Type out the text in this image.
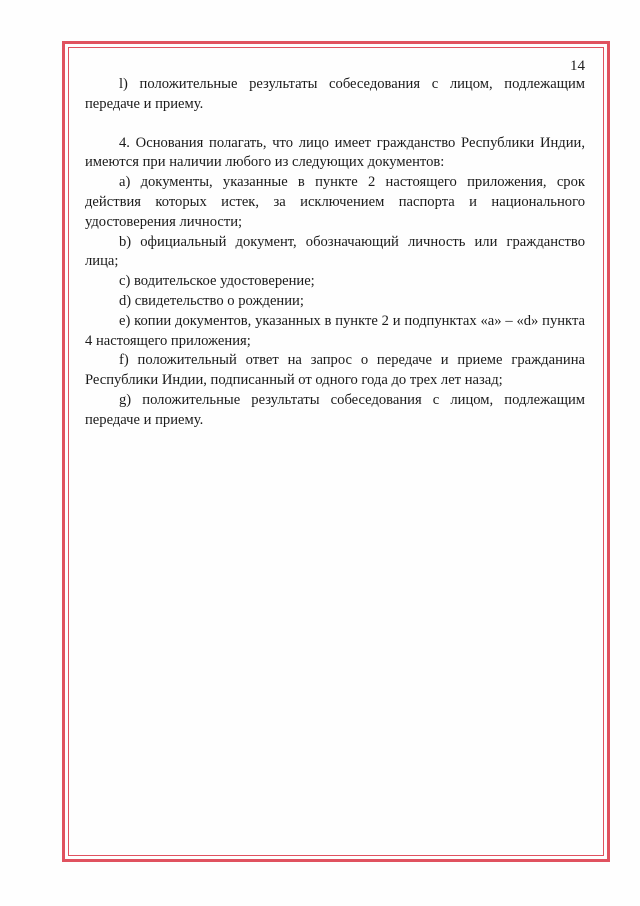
14

l) положительные результаты собеседования с лицом, подлежащим передаче и приему.

4. Основания полагать, что лицо имеет гражданство Республики Индии, имеются при наличии любого из следующих документов:

a) документы, указанные в пункте 2 настоящего приложения, срок действия которых истек, за исключением паспорта и национального удостоверения личности;

b) официальный документ, обозначающий личность или гражданство лица;

c) водительское удостоверение;

d) свидетельство о рождении;

e) копии документов, указанных в пункте 2 и подпунктах «a» – «d» пункта 4 настоящего приложения;

f) положительный ответ на запрос о передаче и приеме гражданина Республики Индии, подписанный от одного года до трех лет назад;

g) положительные результаты собеседования с лицом, подлежащим передаче и приему.
